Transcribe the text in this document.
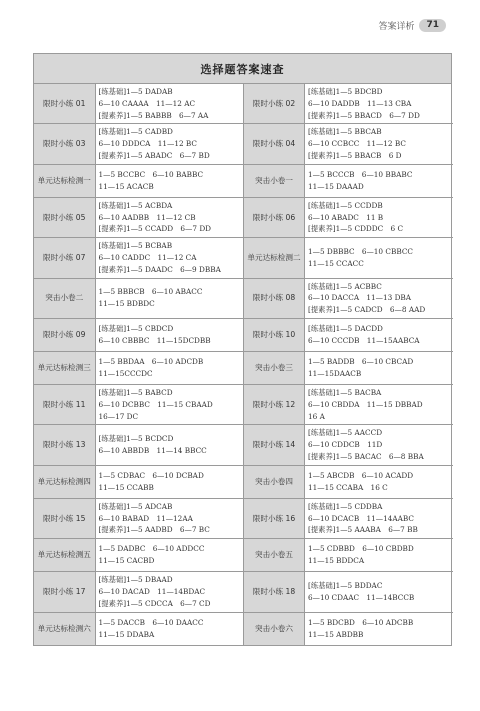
答案详析	71
选择题答案速查
限时小练 01	[练基础]1—5 DADAB
6—10 CAAAA　11—12 AC
[提素养]1—5 BABBB　6—7 AA	限时小练 02	[练基础]1—5 BDCBD
6—10 DADDB　11—13 CBA
[提素养]1—5 BBACD　6—7 DD

限时小练 03	[练基础]1—5 CADBD
6—10 DDDCA　11—12 BC
[提素养]1—5 ABADC　6—7 BD	限时小练 04	[练基础]1—5 BBCAB
6—10 CCBCC　11—12 BC
[提素养]1—5 BBACB　6 D

单元达标检测一	1—5 BCCBC　6—10 BABBC
11—15 ACACB	突击小卷一	1—5 BCCCB　6—10 BBABC
11—15 DAAAD

限时小练 05	[练基础]1—5 ACBDA
6—10 AADBB　11—12 CB
[提素养]1—5 CCADD　6—7 DD	限时小练 06	[练基础]1—5 CCDDB
6—10 ABADC　11 B
[提素养]1—5 CDDDC　6 C

限时小练 07	[练基础]1—5 BCBAB
6—10 CADDC　11—12 CA
[提素养]1—5 DAADC　6—9 DBBA	单元达标检测二	1—5 DBBBC　6—10 CBBCC
11—15 CCACC

突击小卷二	1—5 BBBCB　6—10 ABACC
11—15 BDBDC	限时小练 08	[练基础]1—5 ACBBC
6—10 DACCA　11—13 DBA
[提素养]1—5 CADCD　6—8 AAD

限时小练 09	[练基础]1—5 CBDCD
6—10 CBBBC　11—15DCDBB	限时小练 10	[练基础]1—5 DACDD
6—10 CCCDB　11—15AABCA

单元达标检测三	1—5 BBDAA　6—10 ADCDB
11—15CCCDC	突击小卷三	1—5 BADDB　6—10 CBCAD
11—15DAACB

限时小练 11	[练基础]1—5 BABCD
6—10 DCBBC　11—15 CBAAD
16—17 DC	限时小练 12	[练基础]1—5 BACBA
6—10 CBDDA　11—15 DBBAD
16 A

限时小练 13	[练基础]1—5 BCDCD
6—10 ABBDB　11—14 BBCC	限时小练 14	[练基础]1—5 AACCD
6—10 CDDCB　11D
[提素养]1—5 BACAC　6—8 BBA

单元达标检测四	1—5 CDBAC　6—10 DCBAD
11—15 CCABB	突击小卷四	1—5 ABCDB　6—10 ACADD
11—15 CCABA　16 C

限时小练 15	[练基础]1—5 ADCAB
6—10 BABAD　11—12AA
[提素养]1—5 AADBD　6—7 BC	限时小练 16	[练基础]1—5 CDDBA
6—10 DCACB　11—14AABC
[提素养]1—5 AAABA　6—7 BB

单元达标检测五	1—5 DADBC　6—10 ADDCC
11—15 CACBD	突击小卷五	1—5 CDBBD　6—10 CBDBD
11—15 BDDCA

限时小练 17	[练基础]1—5 DBAAD
6—10 DACAD　11—14BDAC
[提素养]1—5 CDCCA　6—7 CD	限时小练 18	[练基础]1—5 BDDAC
6—10 CDAAC　11—14BCCB

单元达标检测六	1—5 DACCB　6—10 DAACC
11—15 DDABA	突击小卷六	1—5 BDCBD　6—10 ADCBB
11—15 ABDBB
